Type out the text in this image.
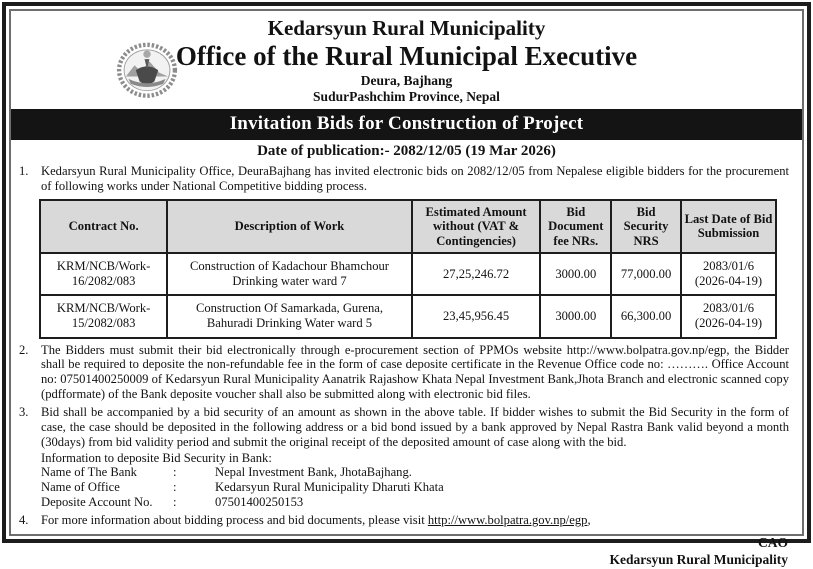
Kedarsyun Rural Municipality
Office of the Rural Municipal Executive
Deura, Bajhang
SudurPashchim Province, Nepal
Invitation Bids for Construction of Project
Date of publication:- 2082/12/05 (19 Mar 2026)
1. Kedarsyun Rural Municipality Office, DeuraBajhang has invited electronic bids on 2082/12/05 from Nepalese eligible bidders for the procurement of following works under National Competitive bidding process.
Contract No.	Description of Work	Estimated Amount without (VAT & Contingencies)	Bid Document fee NRs.	Bid Security NRS	Last Date of Bid Submission
KRM/NCB/Work-16/2082/083	Construction of Kadachour Bhamchour Drinking water ward 7	27,25,246.72	3000.00	77,000.00	2083/01/6
(2026-04-19)

KRM/NCB/Work-15/2082/083	Construction Of Samarkada, Gurena, Bahuradi Drinking Water ward 5	23,45,956.45	3000.00	66,300.00	2083/01/6
(2026-04-19)
2. The Bidders must submit their bid electronically through e-procurement section of PPMOs website http://www.bolpatra.gov.np/egp, the Bidder shall be required to deposite the non-refundable fee in the form of case deposite certificate in the Revenue Office code no: ………. Office Account no: 07501400250009 of Kedarsyun Rural Municipality Aanatrik Rajashow Khata Nepal Investment Bank,Jhota Branch and electronic scanned copy (pdfformate) of the Bank deposite voucher shall also be submitted along with electronic bid files.
3. Bid shall be accompanied by a bid security of an amount as shown in the above table. If bidder wishes to submit the Bid Security in the form of case, the case should be deposited in the following address or a bid bond issued by a bank approved by Nepal Rastra Bank valid beyond a month (30days) from bid validity period and submit the original receipt of the deposited amount of case along with the bid.
Information to deposite Bid Security in Bank:
Name of The Bank	:	Nepal Investment Bank, JhotaBajhang.
Name of Office	:	Kedarsyun Rural Municipality Dharuti Khata
Deposite Account No.	:	07501400250153
4. For more information about bidding process and bid documents, please visit http://www.bolpatra.gov.np/egp,
CAO
Kedarsyun Rural Municipality
